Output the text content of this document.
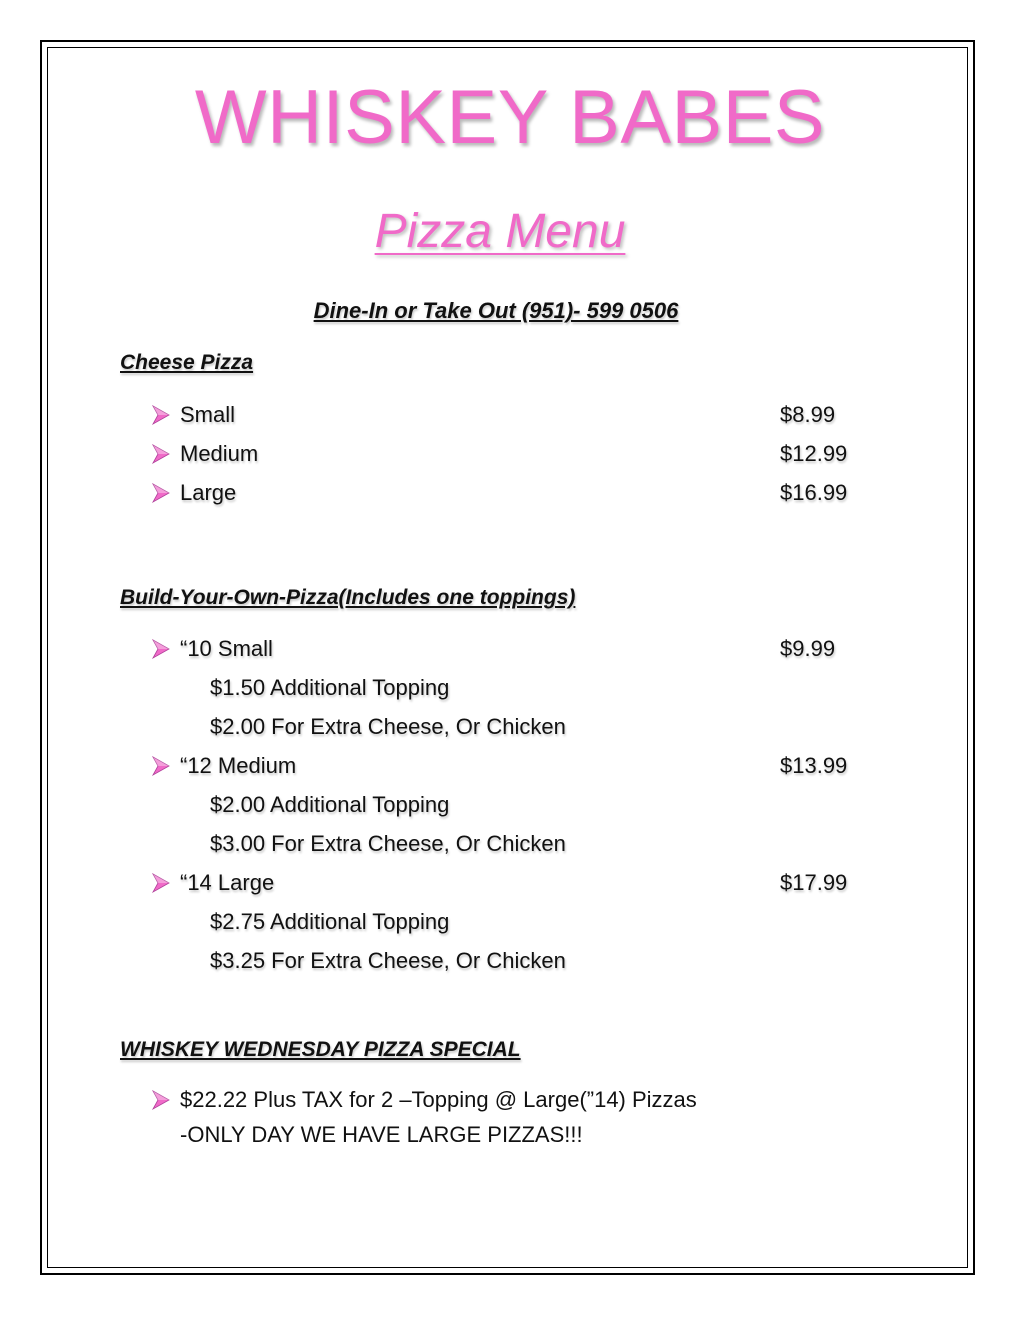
WHISKEY BABES
Pizza Menu
Dine-In or Take Out (951)- 599 0506
Cheese Pizza
Small	$8.99
Medium	$12.99
Large	$16.99
Build-Your-Own-Pizza(Includes one toppings)
“10 Small	$9.99
$1.50 Additional Topping
$2.00 For Extra Cheese, Or Chicken
“12 Medium	$13.99
$2.00 Additional Topping
$3.00 For Extra Cheese, Or Chicken
“14 Large	$17.99
$2.75 Additional Topping
$3.25 For Extra Cheese, Or Chicken
WHISKEY WEDNESDAY PIZZA SPECIAL
$22.22 Plus TAX for 2 –Topping @ Large(”14) Pizzas
-ONLY DAY WE HAVE LARGE PIZZAS!!!
